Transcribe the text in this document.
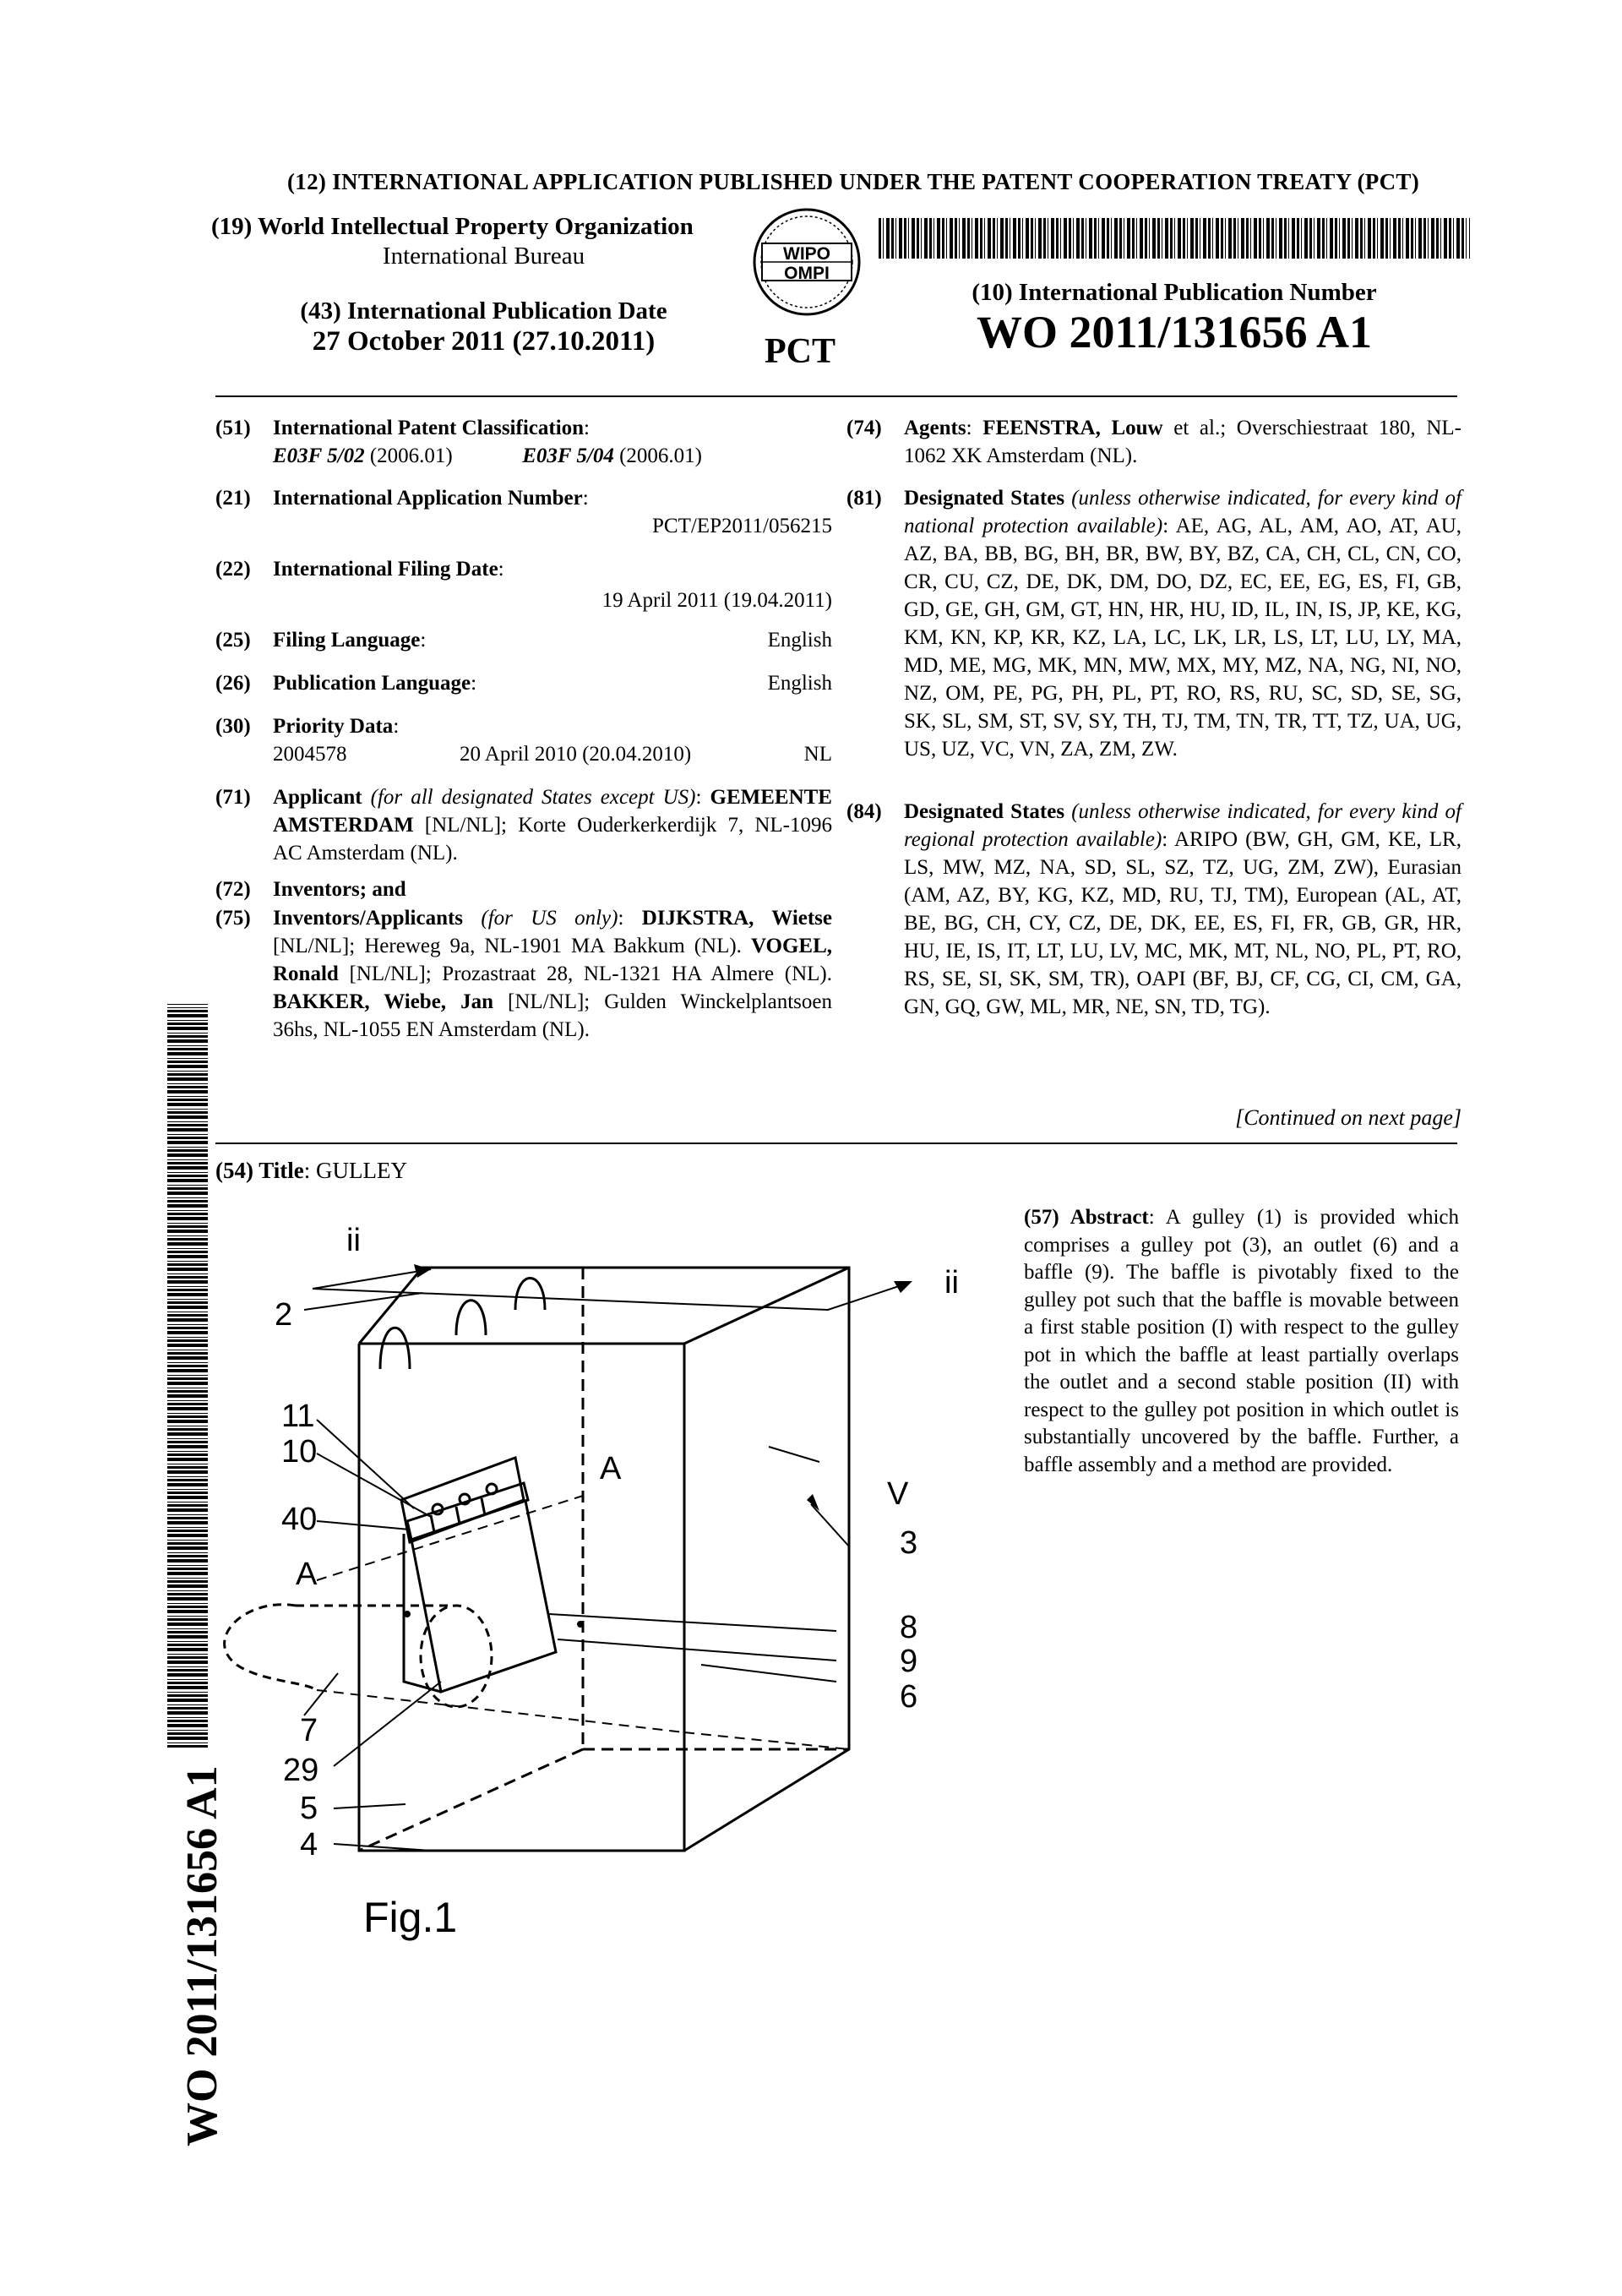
(12) INTERNATIONAL APPLICATION PUBLISHED UNDER THE PATENT COOPERATION TREATY (PCT)
(19) World Intellectual Property Organization
International Bureau
(43) International Publication Date
27 October 2011 (27.10.2011)
WIPO
OMPI
PCT
(10) International Publication Number
WO 2011/131656 A1
(51)	International Patent Classification:
E03F 5/02 (2006.01)	E03F 5/04 (2006.01)
(21)	International Application Number:

PCT/EP2011/056215
(22)	International Filing Date:

19 April 2011 (19.04.2011)
(25)	Filing Language:	English
(26)	Publication Language:	English
(30)	Priority Data:

2004578	20 April 2010 (20.04.2010)	NL
(71)	Applicant (for all designated States except US): GEMEENTE AMSTERDAM [NL/NL]; Korte Ouderkerkerdijk 7, NL-1096 AC Amsterdam (NL).
(72)	Inventors; and
(75)	Inventors/Applicants (for US only): DIJKSTRA, Wietse [NL/NL]; Hereweg 9a, NL-1901 MA Bakkum (NL). VOGEL, Ronald [NL/NL]; Prozastraat 28, NL-1321 HA Almere (NL). BAKKER, Wiebe, Jan [NL/NL]; Gulden Winckelplantsoen 36hs, NL-1055 EN Amsterdam (NL).
(74)	Agents: FEENSTRA, Louw et al.; Overschiestraat 180, NL-1062 XK Amsterdam (NL).
(81)	Designated States (unless otherwise indicated, for every kind of national protection available): AE, AG, AL, AM, AO, AT, AU, AZ, BA, BB, BG, BH, BR, BW, BY, BZ, CA, CH, CL, CN, CO, CR, CU, CZ, DE, DK, DM, DO, DZ, EC, EE, EG, ES, FI, GB, GD, GE, GH, GM, GT, HN, HR, HU, ID, IL, IN, IS, JP, KE, KG, KM, KN, KP, KR, KZ, LA, LC, LK, LR, LS, LT, LU, LY, MA, MD, ME, MG, MK, MN, MW, MX, MY, MZ, NA, NG, NI, NO, NZ, OM, PE, PG, PH, PL, PT, RO, RS, RU, SC, SD, SE, SG, SK, SL, SM, ST, SV, SY, TH, TJ, TM, TN, TR, TT, TZ, UA, UG, US, UZ, VC, VN, ZA, ZM, ZW.
(84)	Designated States (unless otherwise indicated, for every kind of regional protection available): ARIPO (BW, GH, GM, KE, LR, LS, MW, MZ, NA, SD, SL, SZ, TZ, UG, ZM, ZW), Eurasian (AM, AZ, BY, KG, KZ, MD, RU, TJ, TM), European (AL, AT, BE, BG, CH, CY, CZ, DE, DK, EE, ES, FI, FR, GB, GR, HR, HU, IE, IS, IT, LT, LU, LV, MC, MK, MT, NL, NO, PL, PT, RO, RS, SE, SI, SK, SM, TR), OAPI (BF, BJ, CF, CG, CI, CM, GA, GN, GQ, GW, ML, MR, NE, SN, TD, TG).
[Continued on next page]
(54) Title: GULLEY
(57) Abstract: A gulley (1) is provided which comprises a gulley pot (3), an outlet (6) and a baffle (9). The baffle is pivotably fixed to the gulley pot such that the baffle is movable between a first stable position (I) with respect to the gulley pot in which the baffle at least partially overlaps the outlet and a second stable position (II) with respect to the gulley pot position in which outlet is substantially uncovered by the baffle. Further, a baffle assembly and a method are provided.
ii
ii
2
11
10
40
A
A
V
3
8
9
6
7
29
5
4
Fig.1
WO 2011/131656 A1
